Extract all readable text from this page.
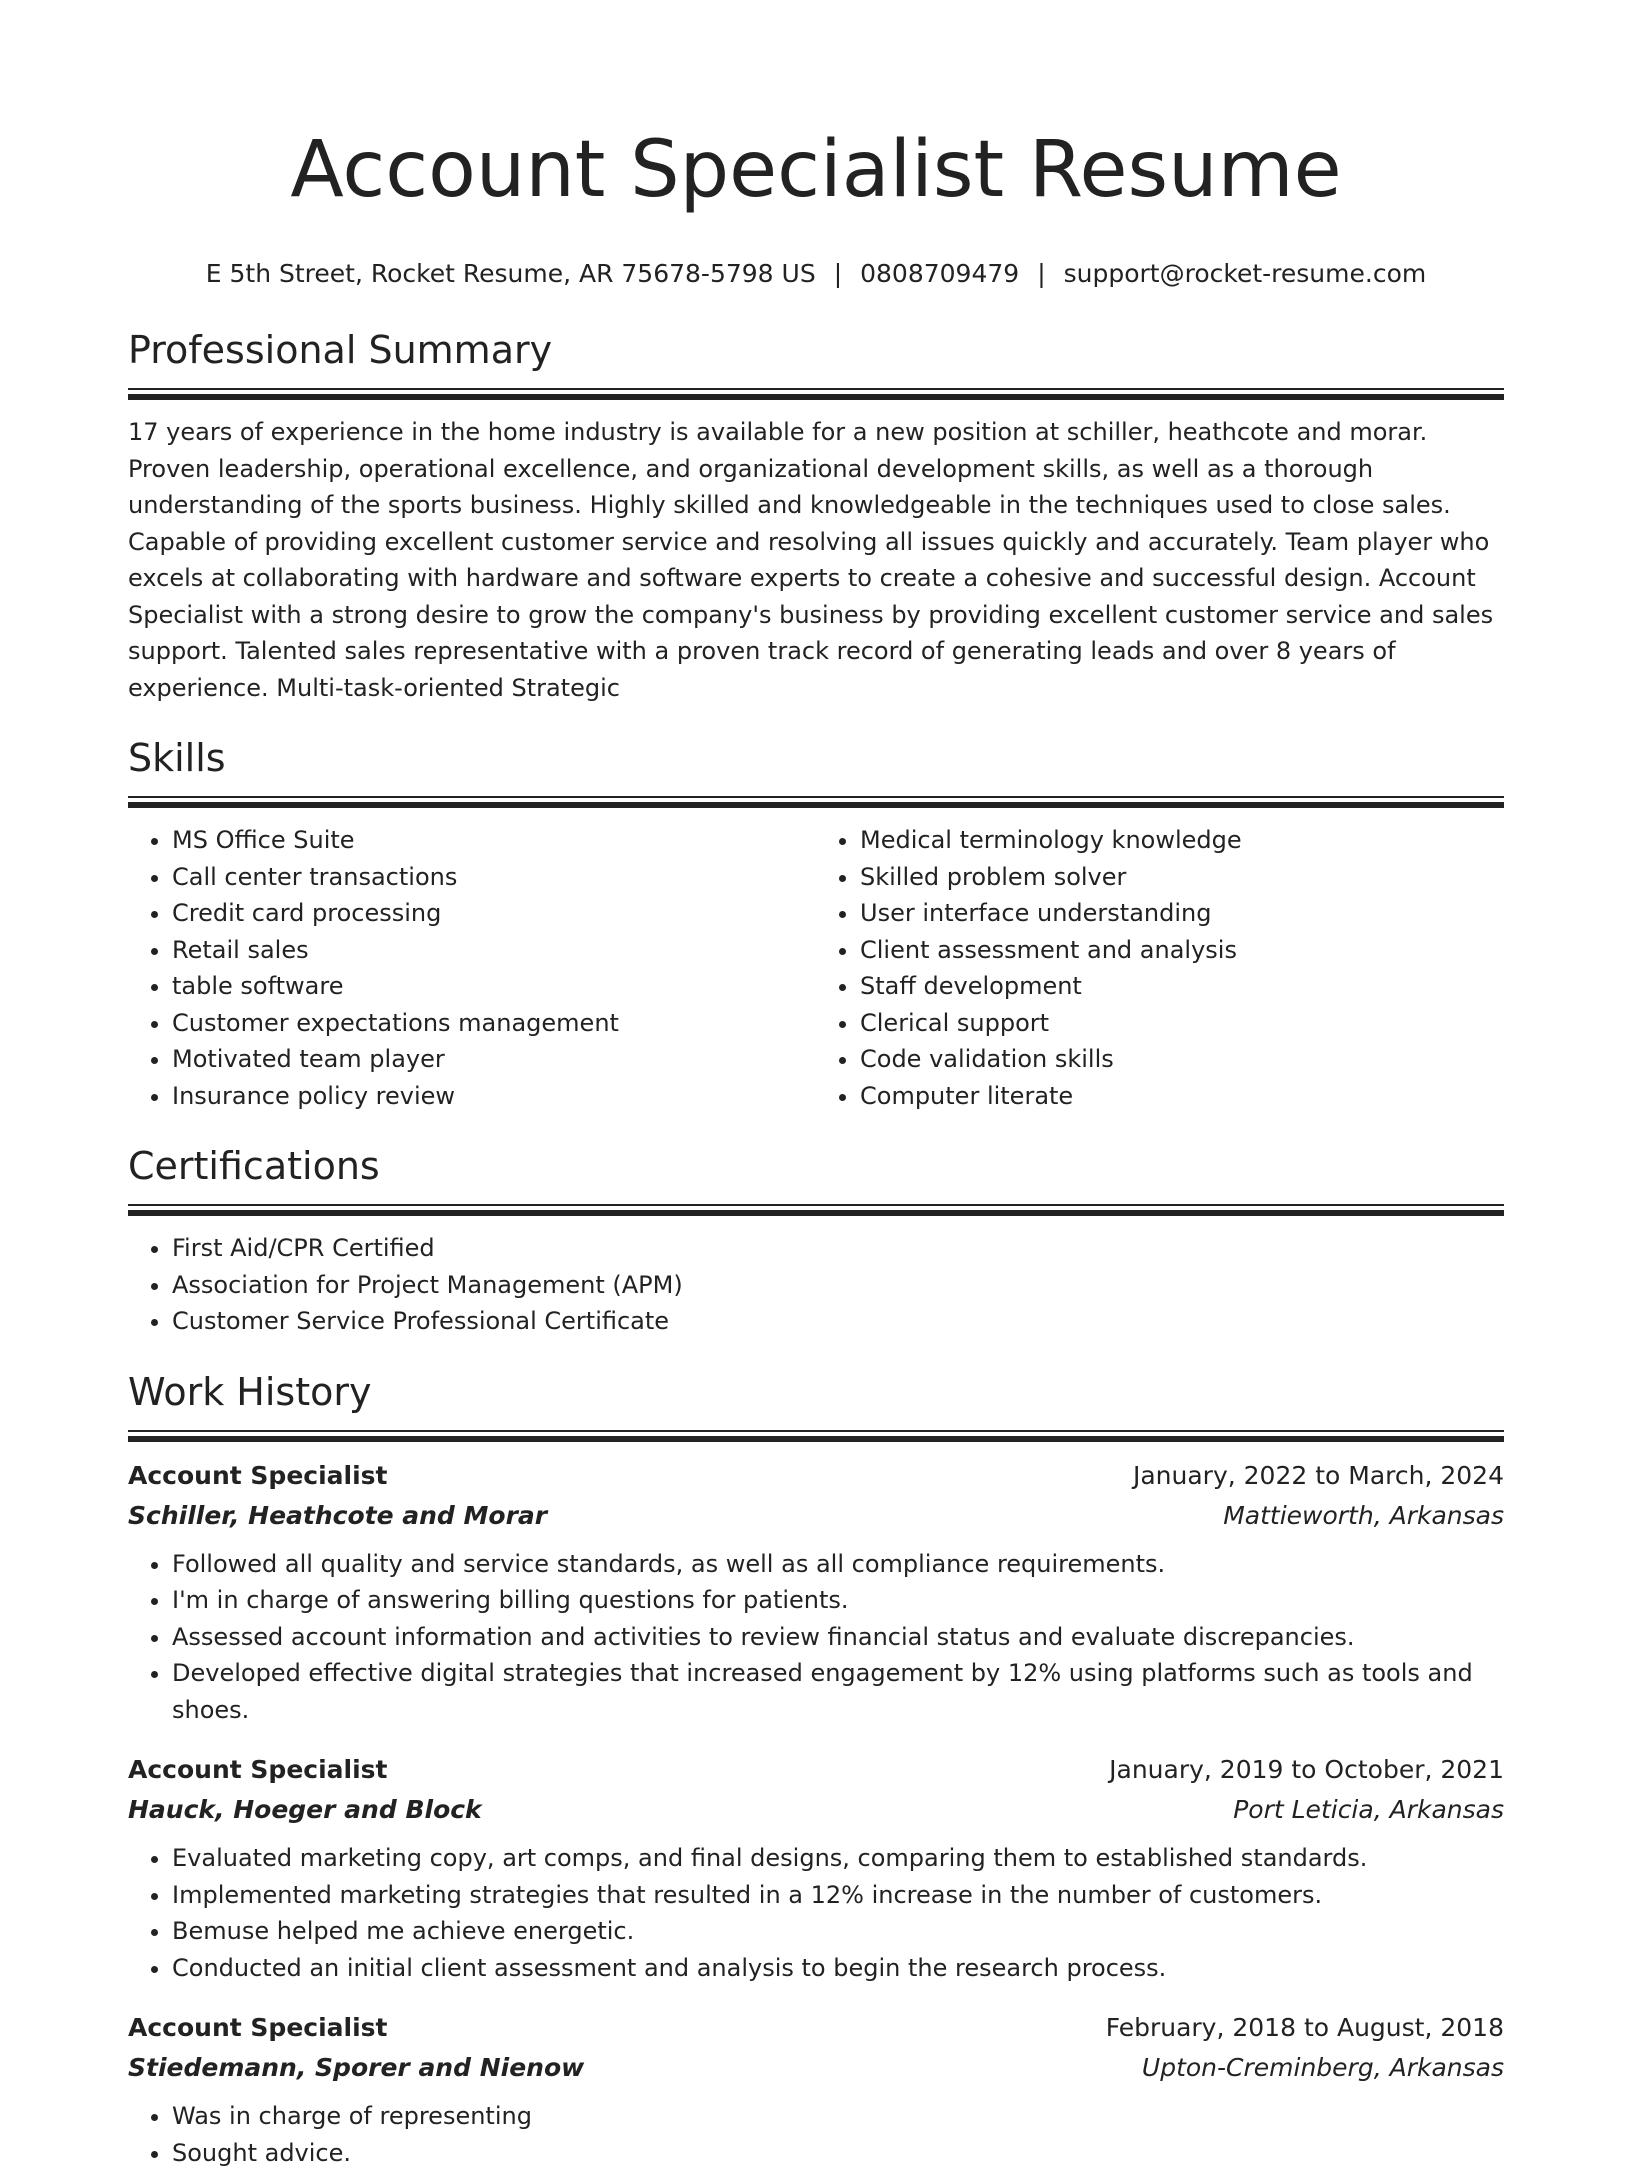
Account Specialist Resume
E 5th Street, Rocket Resume, AR 75678-5798 US | 0808709479 | support@rocket-resume.com
Professional Summary
17 years of experience in the home industry is available for a new position at schiller, heathcote and morar. Proven leadership, operational excellence, and organizational development skills, as well as a thorough understanding of the sports business. Highly skilled and knowledgeable in the techniques used to close sales. Capable of providing excellent customer service and resolving all issues quickly and accurately. Team player who excels at collaborating with hardware and software experts to create a cohesive and successful design. Account Specialist with a strong desire to grow the company's business by providing excellent customer service and sales support. Talented sales representative with a proven track record of generating leads and over 8 years of experience. Multi-task-oriented Strategic
Skills
• MS Office Suite
• Call center transactions
• Credit card processing
• Retail sales
• table software
• Customer expectations management
• Motivated team player
• Insurance policy review
• Medical terminology knowledge
• Skilled problem solver
• User interface understanding
• Client assessment and analysis
• Staff development
• Clerical support
• Code validation skills
• Computer literate
Certifications
• First Aid/CPR Certified
• Association for Project Management (APM)
• Customer Service Professional Certificate
Work History
Account Specialist	January, 2022 to March, 2024
Schiller, Heathcote and Morar	Mattieworth, Arkansas
• Followed all quality and service standards, as well as all compliance requirements.
• I'm in charge of answering billing questions for patients.
• Assessed account information and activities to review financial status and evaluate discrepancies.
• Developed effective digital strategies that increased engagement by 12% using platforms such as tools and shoes.
Account Specialist	January, 2019 to October, 2021
Hauck, Hoeger and Block	Port Leticia, Arkansas
• Evaluated marketing copy, art comps, and final designs, comparing them to established standards.
• Implemented marketing strategies that resulted in a 12% increase in the number of customers.
• Bemuse helped me achieve energetic.
• Conducted an initial client assessment and analysis to begin the research process.
Account Specialist	February, 2018 to August, 2018
Stiedemann, Sporer and Nienow	Upton-Creminberg, Arkansas
• Was in charge of representing
• Sought advice.
